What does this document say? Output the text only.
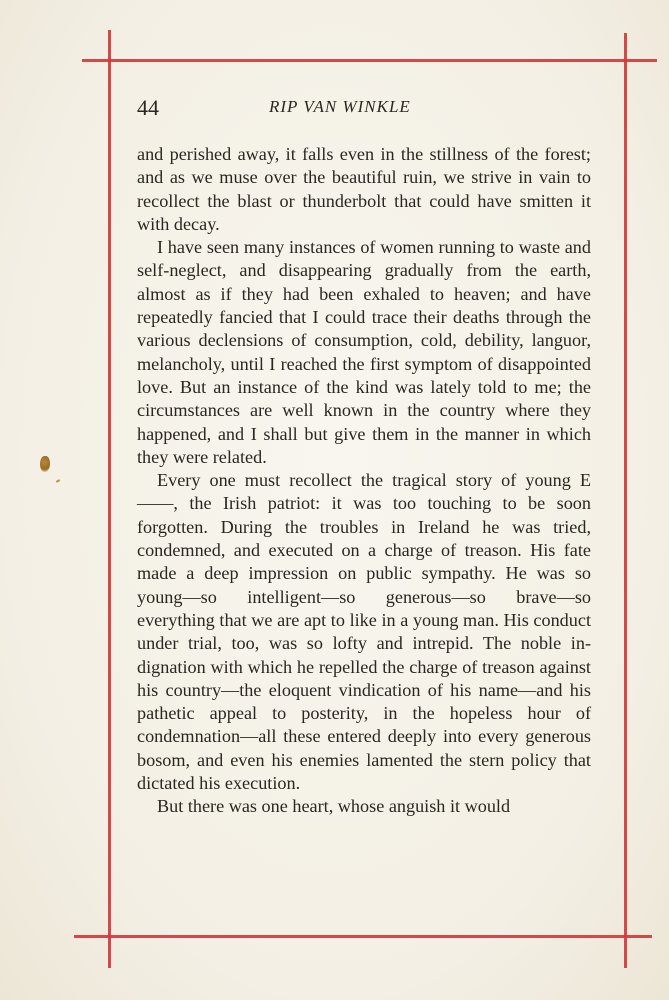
44	RIP VAN WINKLE

and perished away, it falls even in the stillness of the forest; and as we muse over the beautiful ruin, we strive in vain to recollect the blast or thunderbolt that could have smitten it with decay.

I have seen many instances of women running to waste and self-neglect, and disappearing gradually from the earth, almost as if they had been exhaled to heaven; and have repeatedly fancied that I could trace their deaths through the various declensions of consumption, cold, debility, languor, melancholy, until I reached the first symptom of disappointed love. But an instance of the kind was lately told to me; the circumstances are well known in the country where they happened, and I shall but give them in the manner in which they were related.

Every one must recollect the tragical story of young E——, the Irish patriot: it was too touching to be soon forgotten. During the troubles in Ireland he was tried, condemned, and executed on a charge of treason. His fate made a deep impression on public sympathy. He was so young—so intelligent—so generous—so brave—so everything that we are apt to like in a young man. His conduct under trial, too, was so lofty and intrepid. The noble indignation with which he repelled the charge of treason against his country—the eloquent vindication of his name—and his pathetic appeal to posterity, in the hopeless hour of condemnation—all these entered deeply into every generous bosom, and even his enemies lamented the stern policy that dictated his execution.

But there was one heart, whose anguish it would
